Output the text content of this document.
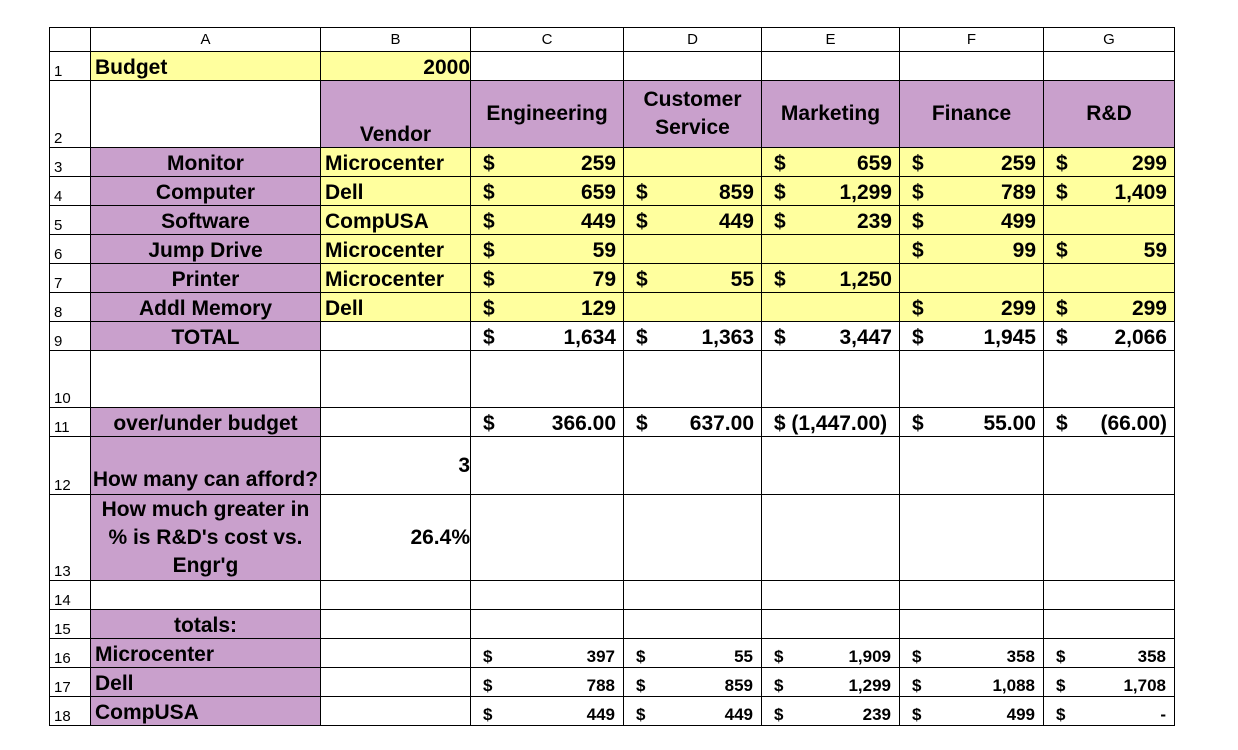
	A	B	C	D	E	F	G
1	Budget	2000					
2		Vendor	Engineering	Customer Service	Marketing	Finance	R&D
3	Monitor	Microcenter	$ 259		$ 659	$ 259	$ 299

4	Computer	Dell	$ 659	$ 859	$ 1,299	$ 789	$ 1,409

5	Software	CompUSA	$ 449	$ 449	$ 239	$ 499	

6	Jump Drive	Microcenter	$ 59			$ 99	$ 59

7	Printer	Microcenter	$ 79	$ 55	$ 1,250		

8	Addl Memory	Dell	$ 129			$ 299	$ 299

9	TOTAL		$ 1,634	$ 1,363	$ 3,447	$ 1,945	$ 2,066

10							
11	over/under budget		$ 366.00	$ 637.00	$ (1,447.00)	$ 55.00	$ (66.00)

12	How many can afford?	3					
13	How much greater in % is R&D's cost vs. Engr'g	26.4%					
14							
15	totals:						
16	Microcenter		$ 397	$ 55	$ 1,909	$ 358	$ 358

17	Dell		$ 788	$ 859	$ 1,299	$ 1,088	$ 1,708

18	CompUSA		$ 449	$ 449	$ 239	$ 499	$ -
